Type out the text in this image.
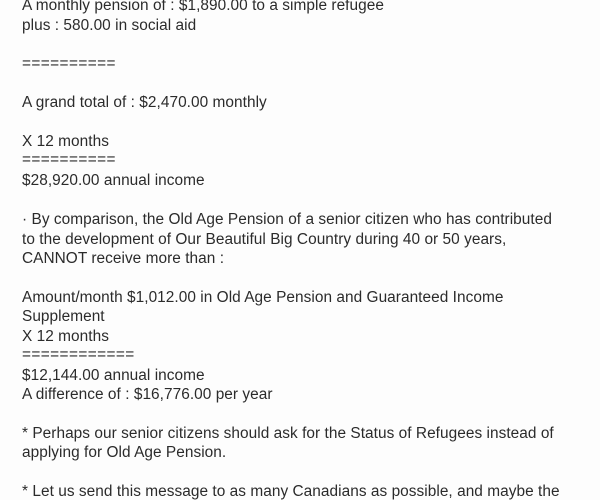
A monthly pension of : $1,890.00 to a simple refugee

plus : 580.00 in social aid

==========

A grand total of : $2,470.00 monthly

X 12 months

==========

$28,920.00 annual income

· By comparison, the Old Age Pension of a senior citizen who has contributed

to the development of Our Beautiful Big Country during 40 or 50 years,

CANNOT receive more than :

Amount/month $1,012.00 in Old Age Pension and Guaranteed Income

Supplement

X 12 months

============

$12,144.00 annual income

A difference of : $16,776.00 per year

* Perhaps our senior citizens should ask for the Status of Refugees instead of

applying for Old Age Pension.

* Let us send this message to as many Canadians as possible, and maybe the
